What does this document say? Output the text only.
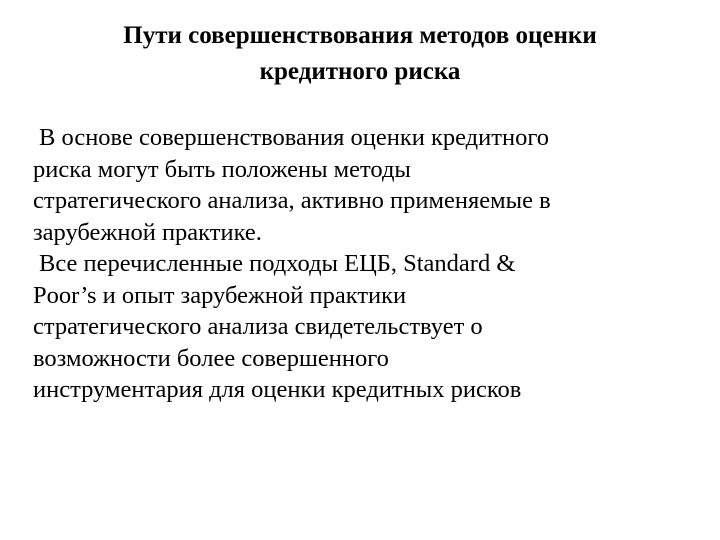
Пути совершенствования методов оценки
кредитного риска

В основе совершенствования оценки кредитного
риска могут быть положены методы
стратегического анализа, активно применяемые в
зарубежной практике.

Все перечисленные подходы ЕЦБ, Standard &
Poor’s и опыт зарубежной практики
стратегического анализа свидетельствует о
возможности более совершенного
инструментария для оценки кредитных рисков
